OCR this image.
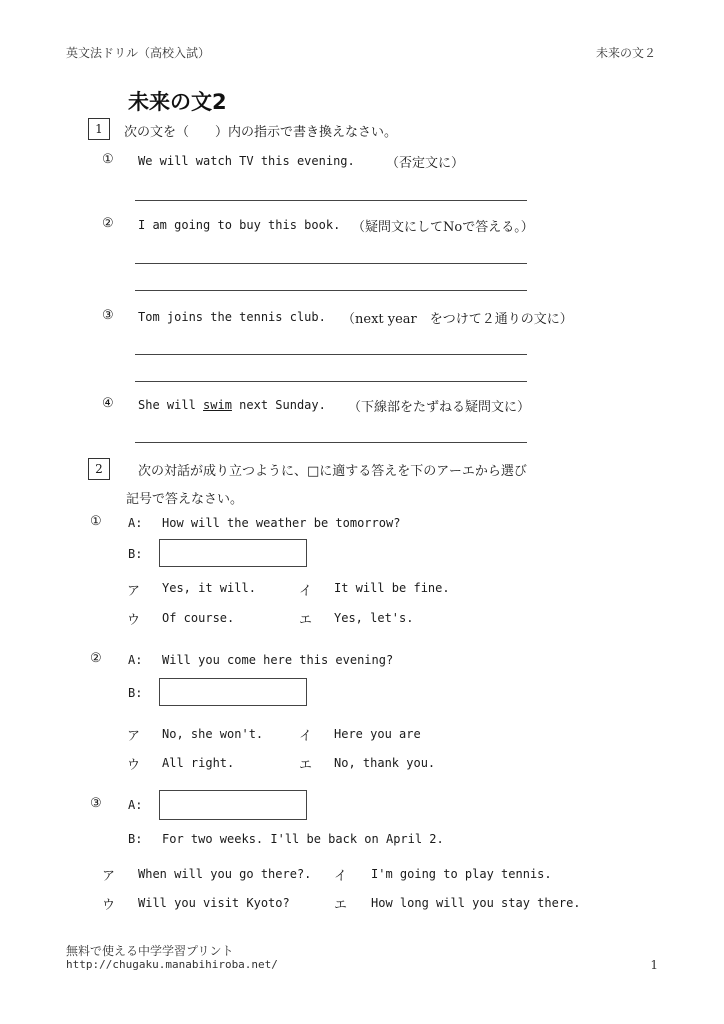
英文法ドリル（高校入試）	未来の文２
未来の文2
1	次の文を（　　）内の指示で書き換えなさい。
① We will watch TV this evening. （否定文に）
② I am going to buy this book. （疑問文にしてNoで答える。）
③ Tom joins the tennis club. （next year　をつけて２通りの文に）
④ She will swim next Sunday. （下線部をたずねる疑問文に）
2	次の対話が成り立つように、□に適する答えを下のアーエから選び
記号で答えなさい。
① A: How will the weather be tomorrow?
B:
ア Yes, it will.	イ It will be fine.
ウ Of course.	エ Yes, let's.
② A: Will you come here this evening?
B:
ア No, she won't.	イ Here you are
ウ All right.	エ No, thank you.
③ A:
B: For two weeks. I'll be back on April 2.
ア When will you go there?. イ I'm going to play tennis.
ウ Will you visit Kyoto?	エ How long will you stay there.
無料で使える中学学習プリント
http://chugaku.manabihiroba.net/	1
